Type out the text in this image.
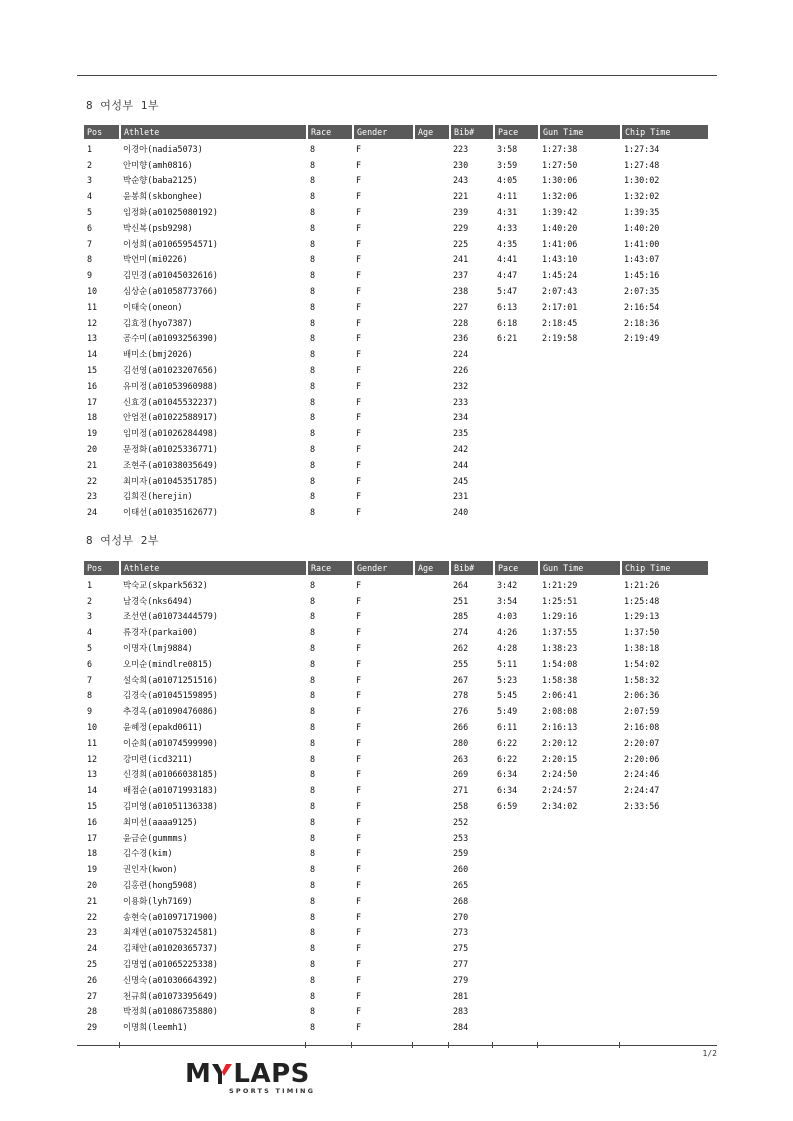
8 여성부 1부
Pos	Athlete	Race	Gender	Age	Bib#	Pace	Gun Time	Chip Time
1	이경아(nadia5073)	8	F		223	3:58	1:27:38	1:27:34
2	안미향(amh0816)	8	F		230	3:59	1:27:50	1:27:48
3	박순향(baba2125)	8	F		243	4:05	1:30:06	1:30:02
4	윤봉희(skbonghee)	8	F		221	4:11	1:32:06	1:32:02
5	임정화(a01025080192)	8	F		239	4:31	1:39:42	1:39:35
6	박신복(psb9298)	8	F		229	4:33	1:40:20	1:40:20
7	이성희(a01065954571)	8	F		225	4:35	1:41:06	1:41:00
8	박언미(mi0226)	8	F		241	4:41	1:43:10	1:43:07
9	김민경(a01045032616)	8	F		237	4:47	1:45:24	1:45:16
10	심상순(a01058773766)	8	F		238	5:47	2:07:43	2:07:35
11	이태숙(oneon)	8	F		227	6:13	2:17:01	2:16:54
12	김효정(hyo7387)	8	F		228	6:18	2:18:45	2:18:36
13	공수미(a01093256390)	8	F		236	6:21	2:19:58	2:19:49
14	배미소(bmj2026)	8	F		224			
15	김선영(a01023207656)	8	F		226			
16	유미정(a01053960988)	8	F		232			
17	신효경(a01045532237)	8	F		233			
18	안엄전(a01022588917)	8	F		234			
19	임미정(a01026284498)	8	F		235			
20	문정화(a01025336771)	8	F		242			
21	조현주(a01038035649)	8	F		244			
22	최미자(a01045351785)	8	F		245			
23	김희진(herejin)	8	F		231			
24	이태선(a01035162677)	8	F		240			
8 여성부 2부
Pos	Athlete	Race	Gender	Age	Bib#	Pace	Gun Time	Chip Time
1	박숙교(skpark5632)	8	F		264	3:42	1:21:29	1:21:26
2	남경숙(nks6494)	8	F		251	3:54	1:25:51	1:25:48
3	조선연(a01073444579)	8	F		285	4:03	1:29:16	1:29:13
4	류경자(parkai00)	8	F		274	4:26	1:37:55	1:37:50
5	이명자(lmj9884)	8	F		262	4:28	1:38:23	1:38:18
6	오미순(mindlre0815)	8	F		255	5:11	1:54:08	1:54:02
7	설숙희(a01071251516)	8	F		267	5:23	1:58:38	1:58:32
8	김경숙(a01045159895)	8	F		278	5:45	2:06:41	2:06:36
9	추경옥(a01090476086)	8	F		276	5:49	2:08:08	2:07:59
10	윤혜정(epakd0611)	8	F		266	6:11	2:16:13	2:16:08
11	이순희(a01074599990)	8	F		280	6:22	2:20:12	2:20:07
12	강미련(icd3211)	8	F		263	6:22	2:20:15	2:20:06
13	신경희(a01066038185)	8	F		269	6:34	2:24:50	2:24:46
14	배점순(a01071993183)	8	F		271	6:34	2:24:57	2:24:47
15	김미영(a01051136338)	8	F		258	6:59	2:34:02	2:33:56
16	최미선(aaaa9125)	8	F		252			
17	윤금순(gummms)	8	F		253			
18	김수경(kim)	8	F		259			
19	권인자(kwon)	8	F		260			
20	김홍련(hong5908)	8	F		265			
21	이용화(lyh7169)	8	F		268			
22	송현숙(a01097171900)	8	F		270			
23	최재연(a01075324581)	8	F		273			
24	김채안(a01020365737)	8	F		275			
25	김명엽(a01065225338)	8	F		277			
26	신명숙(a01030664392)	8	F		279			
27	천규희(a01073395649)	8	F		281			
28	박정희(a01086735880)	8	F		283			
29	이명희(leemh1)	8	F		284			
1/2
M LAPS
SPORTS TIMING
